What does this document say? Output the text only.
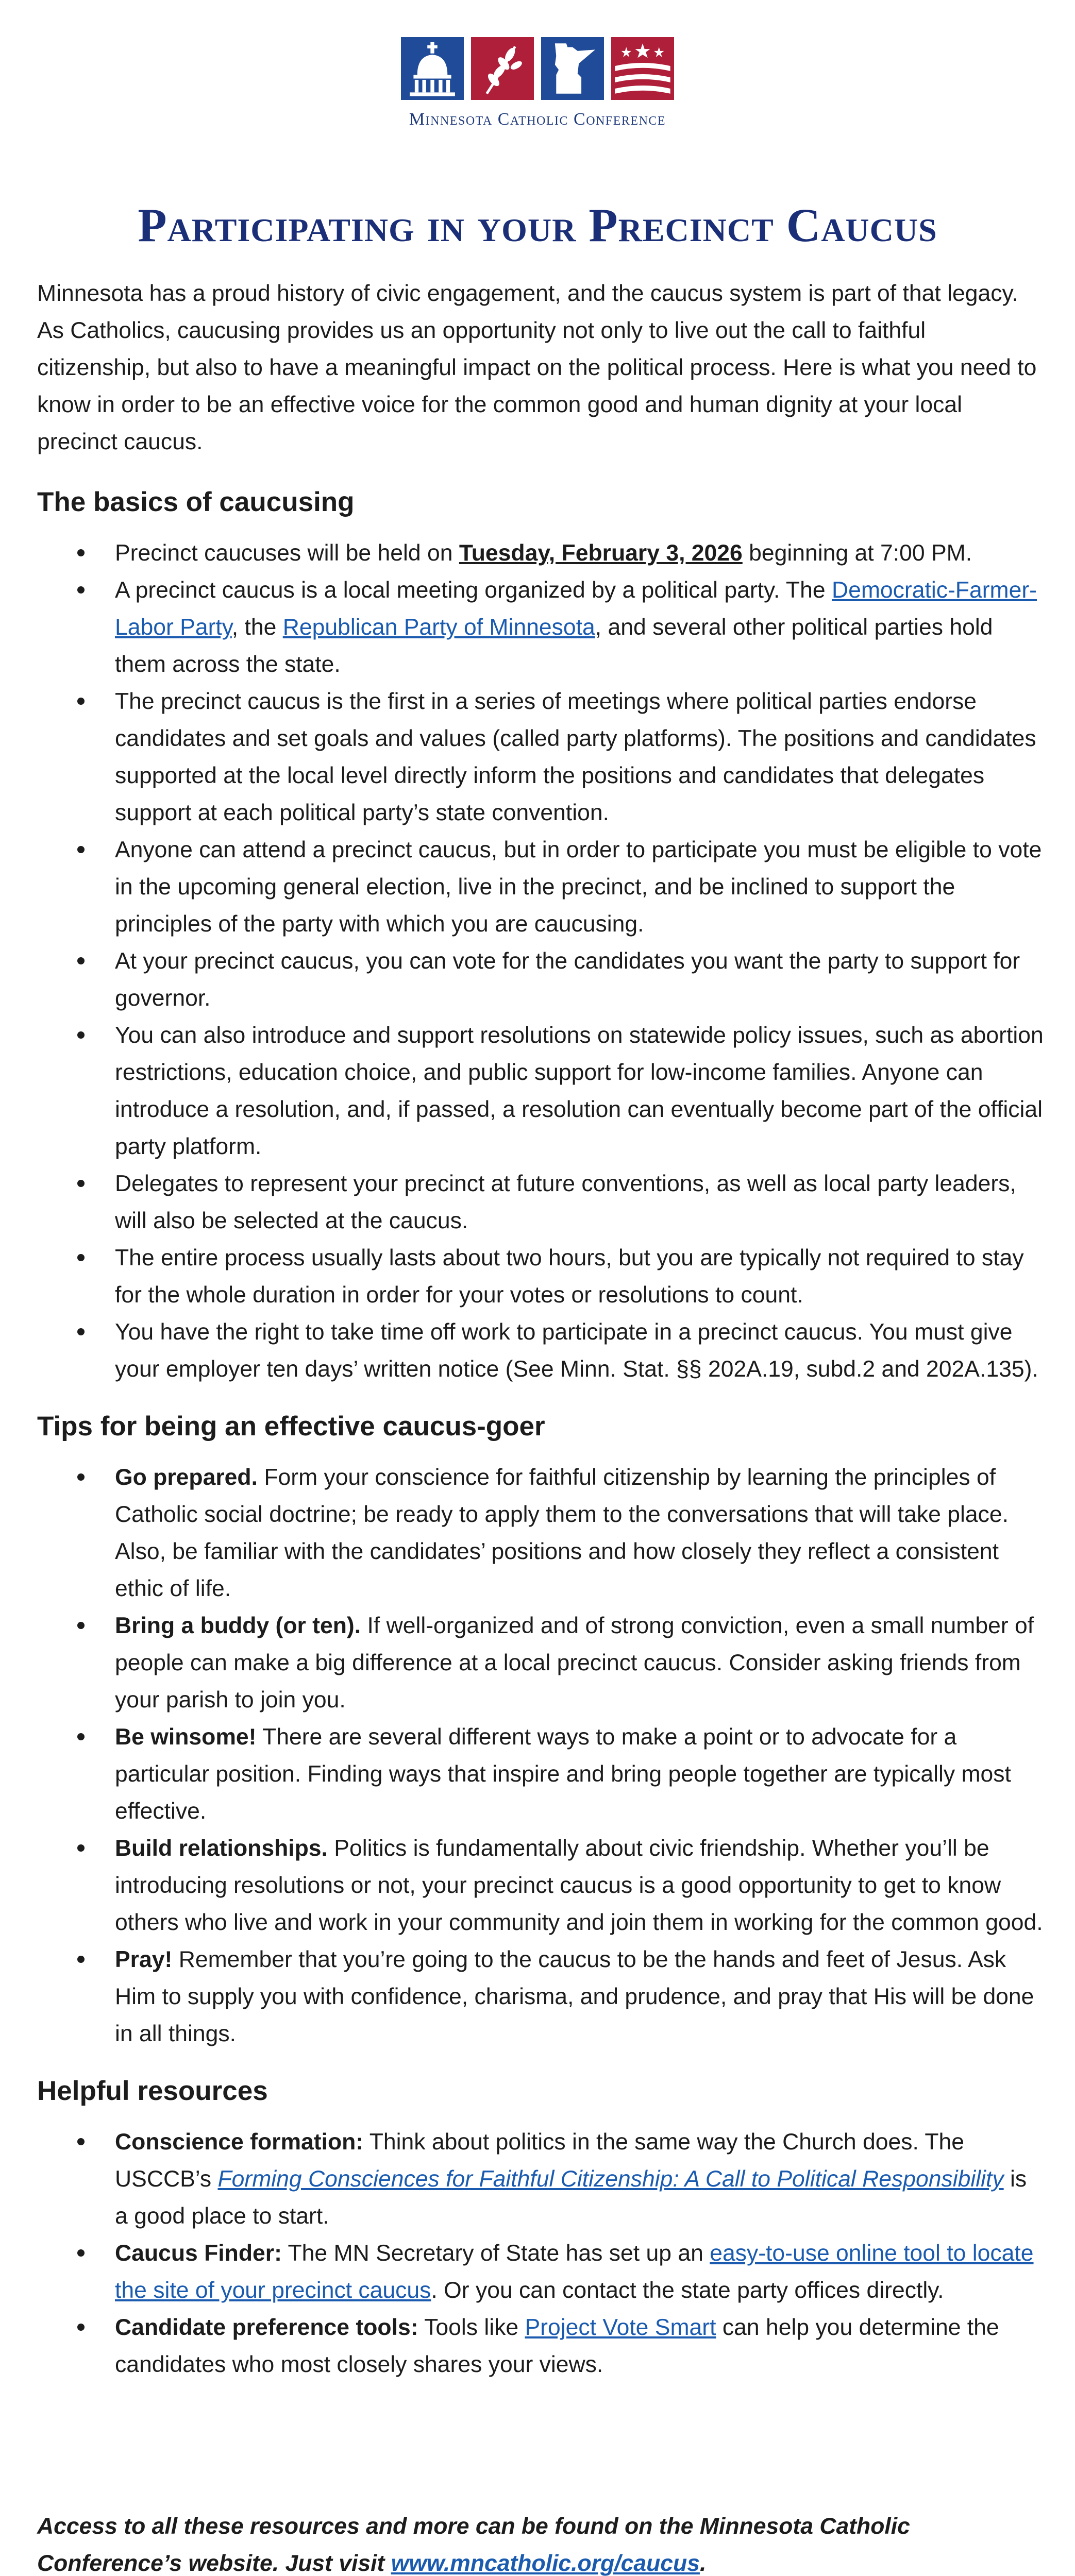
Minnesota Catholic Conference
Participating in your Precinct Caucus

Minnesota has a proud history of civic engagement, and the caucus system is part of that legacy. As Catholics, caucusing provides us an opportunity not only to live out the call to faithful citizenship, but also to have a meaningful impact on the political process. Here is what you need to know in order to be an effective voice for the common good and human dignity at your local precinct caucus.

The basics of caucusing
Precinct caucuses will be held on Tuesday, February 3, 2026 beginning at 7:00 PM.
A precinct caucus is a local meeting organized by a political party. The Democratic-Farmer-Labor Party, the Republican Party of Minnesota, and several other political parties hold them across the state.
The precinct caucus is the first in a series of meetings where political parties endorse candidates and set goals and values (called party platforms). The positions and candidates supported at the local level directly inform the positions and candidates that delegates support at each political party’s state convention.
Anyone can attend a precinct caucus, but in order to participate you must be eligible to vote in the upcoming general election, live in the precinct, and be inclined to support the principles of the party with which you are caucusing.
At your precinct caucus, you can vote for the candidates you want the party to support for governor.
You can also introduce and support resolutions on statewide policy issues, such as abortion restrictions, education choice, and public support for low-income families. Anyone can introduce a resolution, and, if passed, a resolution can eventually become part of the official party platform.
Delegates to represent your precinct at future conventions, as well as local party leaders, will also be selected at the caucus.
The entire process usually lasts about two hours, but you are typically not required to stay for the whole duration in order for your votes or resolutions to count.
You have the right to take time off work to participate in a precinct caucus. You must give your employer ten days’ written notice (See Minn. Stat. §§ 202A.19, subd.2 and 202A.135).
Tips for being an effective caucus-goer
Go prepared. Form your conscience for faithful citizenship by learning the principles of Catholic social doctrine; be ready to apply them to the conversations that will take place. Also, be familiar with the candidates’ positions and how closely they reflect a consistent ethic of life.
Bring a buddy (or ten). If well-organized and of strong conviction, even a small number of people can make a big difference at a local precinct caucus. Consider asking friends from your parish to join you.
Be winsome! There are several different ways to make a point or to advocate for a particular position. Finding ways that inspire and bring people together are typically most effective.
Build relationships. Politics is fundamentally about civic friendship. Whether you’ll be introducing resolutions or not, your precinct caucus is a good opportunity to get to know others who live and work in your community and join them in working for the common good.
Pray! Remember that you’re going to the caucus to be the hands and feet of Jesus. Ask Him to supply you with confidence, charisma, and prudence, and pray that His will be done in all things.
Helpful resources
Conscience formation: Think about politics in the same way the Church does. The USCCB’s Forming Consciences for Faithful Citizenship: A Call to Political Responsibility is a good place to start.
Caucus Finder: The MN Secretary of State has set up an easy-to-use online tool to locate the site of your precinct caucus. Or you can contact the state party offices directly.
Candidate preference tools: Tools like Project Vote Smart can help you determine the candidates who most closely shares your views.
Access to all these resources and more can be found on the Minnesota Catholic Conference’s website. Just visit www.mncatholic.org/caucus.
